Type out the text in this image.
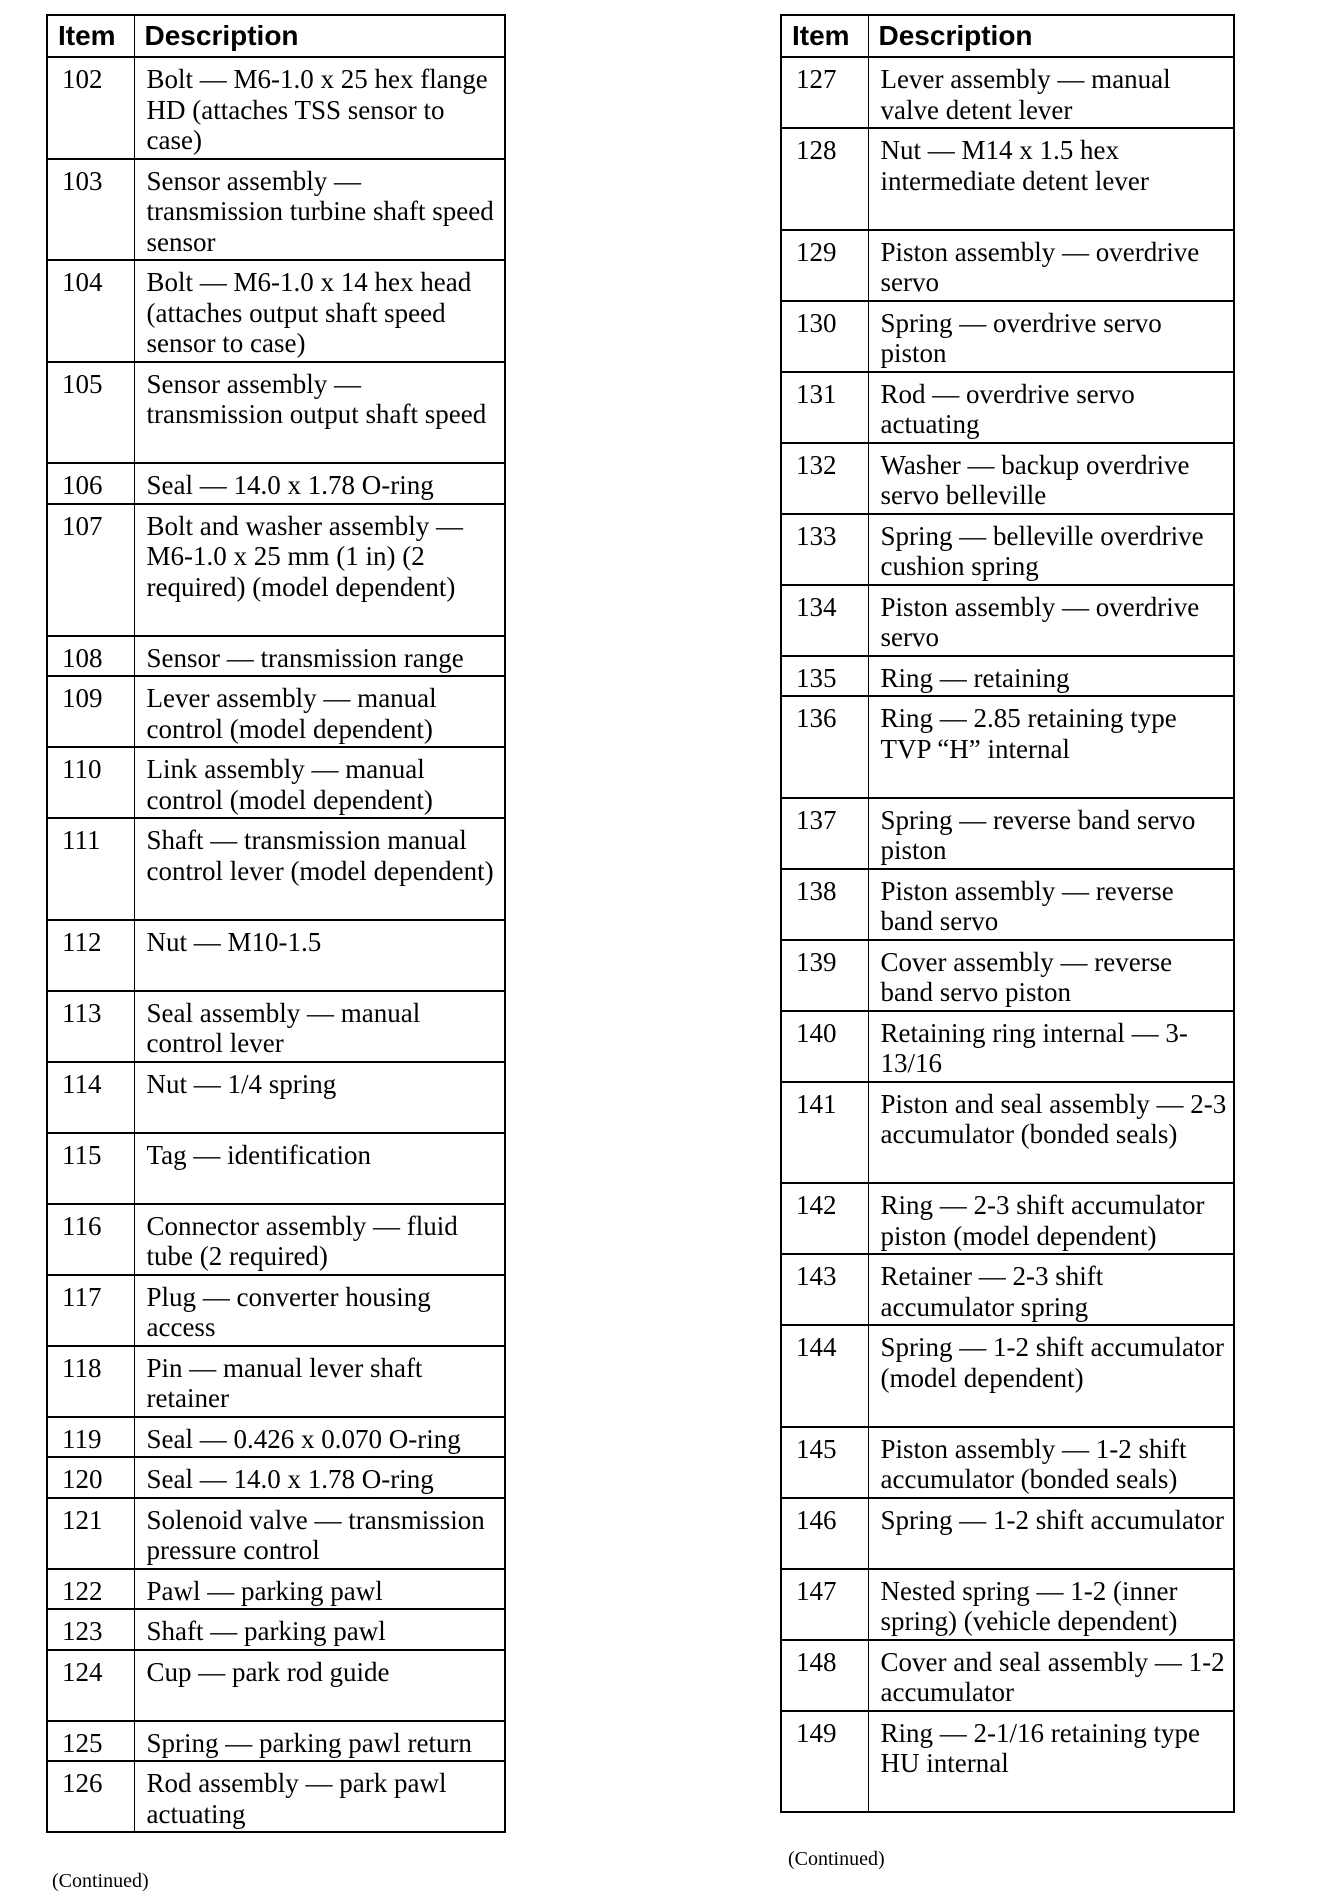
Item	Description
102	Bolt — M6-1.0 x 25 hex flange HD (attaches TSS sensor to case)
103	Sensor assembly — transmission turbine shaft speed sensor
104	Bolt — M6-1.0 x 14 hex head (attaches output shaft speed sensor to case)
105	Sensor assembly — transmission output shaft speed
106	Seal — 14.0 x 1.78 O-ring
107	Bolt and washer assembly — M6-1.0 x 25 mm (1 in) (2 required) (model dependent)
108	Sensor — transmission range
109	Lever assembly — manual control (model dependent)
110	Link assembly — manual control (model dependent)
111	Shaft — transmission manual control lever (model dependent)
112	Nut — M10-1.5
113	Seal assembly — manual control lever
114	Nut — 1/4 spring
115	Tag — identification
116	Connector assembly — fluid tube (2 required)
117	Plug — converter housing access
118	Pin — manual lever shaft retainer
119	Seal — 0.426 x 0.070 O-ring
120	Seal — 14.0 x 1.78 O-ring
121	Solenoid valve — transmission pressure control
122	Pawl — parking pawl
123	Shaft — parking pawl
124	Cup — park rod guide
125	Spring — parking pawl return
126	Rod assembly — park pawl actuating
(Continued)
Item	Description
127	Lever assembly — manual valve detent lever
128	Nut — M14 x 1.5 hex intermediate detent lever
129	Piston assembly — overdrive servo
130	Spring — overdrive servo piston
131	Rod — overdrive servo actuating
132	Washer — backup overdrive servo belleville
133	Spring — belleville overdrive cushion spring
134	Piston assembly — overdrive servo
135	Ring — retaining
136	Ring — 2.85 retaining type TVP “H” internal
137	Spring — reverse band servo piston
138	Piston assembly — reverse band servo
139	Cover assembly — reverse band servo piston
140	Retaining ring internal — 3-13/16
141	Piston and seal assembly — 2-3 accumulator (bonded seals)
142	Ring — 2-3 shift accumulator piston (model dependent)
143	Retainer — 2-3 shift accumulator spring
144	Spring — 1-2 shift accumulator (model dependent)
145	Piston assembly — 1-2 shift accumulator (bonded seals)
146	Spring — 1-2 shift accumulator
147	Nested spring — 1-2 (inner spring) (vehicle dependent)
148	Cover and seal assembly — 1-2 accumulator
149	Ring — 2-1/16 retaining type HU internal
(Continued)
